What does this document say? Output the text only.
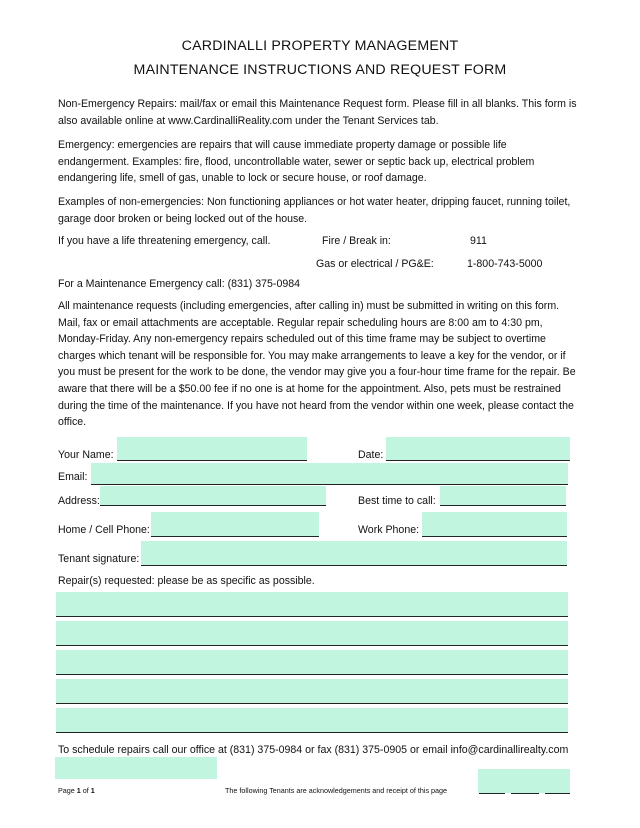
CARDINALLI PROPERTY MANAGEMENT
MAINTENANCE INSTRUCTIONS AND REQUEST FORM
Non-Emergency Repairs: mail/fax or email this Maintenance Request form. Please fill in all blanks. This form is also available online at www.CardinalliReality.com under the Tenant Services tab.
Emergency: emergencies are repairs that will cause immediate property damage or possible life endangerment. Examples: fire, flood, uncontrollable water, sewer or septic back up, electrical problem endangering life, smell of gas, unable to lock or secure house, or roof damage.
Examples of non-emergencies: Non functioning appliances or hot water heater, dripping faucet, running toilet, garage door broken or being locked out of the house.
If you have a life threatening emergency, call.	Fire / Break in:	911
Gas or electrical / PG&E:	1-800-743-5000
For a Maintenance Emergency call: (831) 375-0984
All maintenance requests (including emergencies, after calling in) must be submitted in writing on this form. Mail, fax or email attachments are acceptable. Regular repair scheduling hours are 8:00 am to 4:30 pm, Monday-Friday. Any non-emergency repairs scheduled out of this time frame may be subject to overtime charges which tenant will be responsible for. You may make arrangements to leave a key for the vendor, or if you must be present for the work to be done, the vendor may give you a four-hour time frame for the repair. Be aware that there will be a $50.00 fee if no one is at home for the appointment. Also, pets must be restrained during the time of the maintenance. If you have not heard from the vendor within one week, please contact the office.
Your Name:	Date:
Email:
Address:	Best time to call:
Home / Cell Phone:	Work Phone:
Tenant signature:
Repair(s) requested: please be as specific as possible.
To schedule repairs call our office at (831) 375-0984 or fax (831) 375-0905 or email info@cardinallirealty.com
Page 1 of 1	The following Tenants are acknowledgements and receipt of this page
